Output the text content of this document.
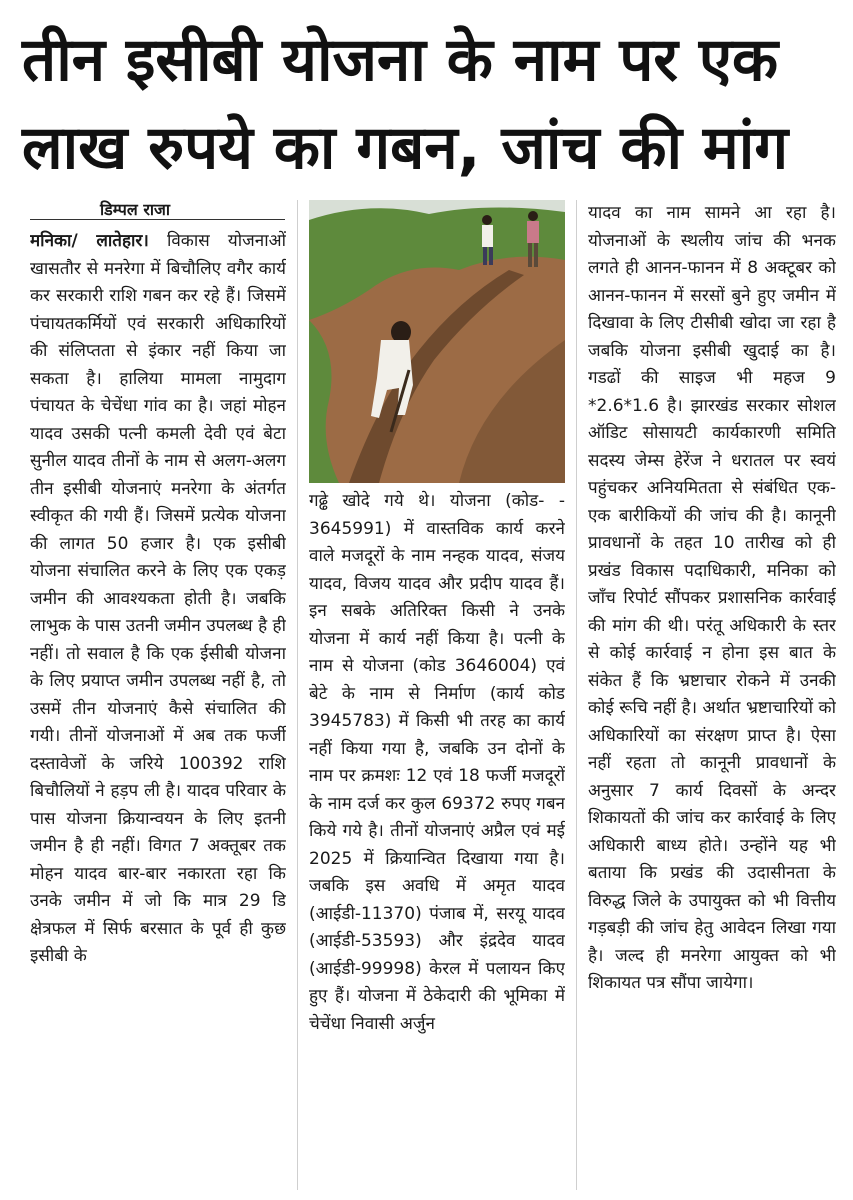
तीन इसीबी योजना के नाम पर एक
लाख रुपये का गबन, जांच की मांग
डिम्पल राजा

मनिका/ लातेहार। विकास योजनाओं खासतौर से मनरेगा में बिचौलिए वगैर कार्य कर सरकारी राशि गबन कर रहे हैं। जिसमें पंचायतकर्मियों एवं सरकारी अधिकारियों की संलिप्तता से इंकार नहीं किया जा सकता है। हालिया मामला नामुदाग पंचायत के चेचेंधा गांव का है। जहां मोहन यादव उसकी पत्नी कमली देवी एवं बेटा सुनील यादव तीनों के नाम से अलग-अलग तीन इसीबी योजनाएं मनरेगा के अंतर्गत स्वीकृत की गयी हैं। जिसमें प्रत्येक योजना की लागत 50 हजार है। एक इसीबी योजना संचालित करने के लिए एक एकड़ जमीन की आवश्यकता होती है। जबकि लाभुक के पास उतनी जमीन उपलब्ध है ही नहीं। तो सवाल है कि एक ईसीबी योजना के लिए प्रयाप्त जमीन उपलब्ध नहीं है, तो उसमें तीन योजनाएं कैसे संचालित की गयी। तीनों योजनाओं में अब तक फर्जी दस्तावेजों के जरिये 100392 राशि बिचौलियों ने हड़प ली है। यादव परिवार के पास योजना क्रियान्वयन के लिए इतनी जमीन है ही नहीं। विगत 7 अक्तूबर तक मोहन यादव बार-बार नकारता रहा कि उनके जमीन में जो कि मात्र 29 डि क्षेत्रफल में सिर्फ बरसात के पूर्व ही कुछ इसीबी के

गढ्ढे खोदे गये थे। योजना (कोड- - 3645991) में वास्तविक कार्य करने वाले मजदूरों के नाम नन्हक यादव, संजय यादव, विजय यादव और प्रदीप यादव हैं। इन सबके अतिरिक्त किसी ने उनके योजना में कार्य नहीं किया है। पत्नी के नाम से योजना (कोड 3646004) एवं बेटे के नाम से निर्माण (कार्य कोड 3945783) में किसी भी तरह का कार्य नहीं किया गया है, जबकि उन दोनों के नाम पर क्रमशः 12 एवं 18 फर्जी मजदूरों के नाम दर्ज कर कुल 69372 रुपए गबन किये गये है। तीनों योजनाएं अप्रैल एवं मई 2025 में क्रियान्वित दिखाया गया है। जबकि इस अवधि में अमृत यादव (आईडी-11370) पंजाब में, सरयू यादव (आईडी-53593) और इंद्रदेव यादव (आईडी-99998) केरल में पलायन किए हुए हैं। योजना में ठेकेदारी की भूमिका में चेचेंधा निवासी अर्जुन

यादव का नाम सामने आ रहा है। योजनाओं के स्थलीय जांच की भनक लगते ही आनन-फानन में 8 अक्टूबर को आनन-फानन में सरसों बुने हुए जमीन में दिखावा के लिए टीसीबी खोदा जा रहा है जबकि योजना इसीबी खुदाई का है। गडढों की साइज भी महज 9 *2.6*1.6 है। झारखंड सरकार सोशल ऑडिट सोसायटी कार्यकारणी समिति सदस्य जेम्स हेरेंज ने धरातल पर स्वयं पहुंचकर अनियमितता से संबंधित एक-एक बारीकियों की जांच की है। कानूनी प्रावधानों के तहत 10 तारीख को ही प्रखंड विकास पदाधिकारी, मनिका को जाँच रिपोर्ट सौंपकर प्रशासनिक कार्रवाई की मांग की थी। परंतू अधिकारी के स्तर से कोई कार्रवाई न होना इस बात के संकेत हैं कि भ्रष्टाचार रोकने में उनकी कोई रूचि नहीं है। अर्थात भ्रष्टाचारियों को अधिकारियों का संरक्षण प्राप्त है। ऐसा नहीं रहता तो कानूनी प्रावधानों के अनुसार 7 कार्य दिवसों के अन्दर शिकायतों की जांच कर कार्रवाई के लिए अधिकारी बाध्य होते। उन्होंने यह भी बताया कि प्रखंड की उदासीनता के विरुद्ध जिले के उपायुक्त को भी वित्तीय गड़बड़ी की जांच हेतु आवेदन लिखा गया है। जल्द ही मनरेगा आयुक्त को भी शिकायत पत्र सौंपा जायेगा।
